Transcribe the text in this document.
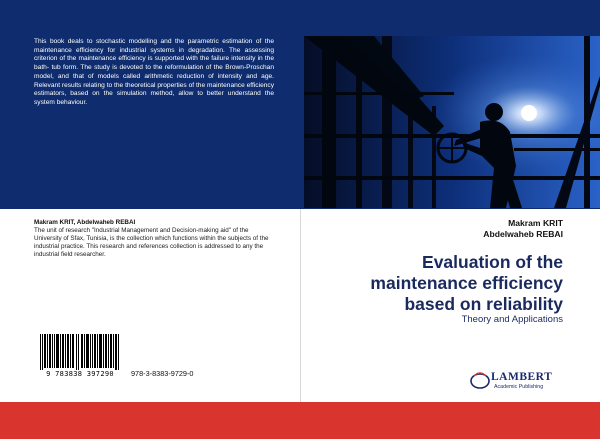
This book deals to stochastic modelling and the parametric estimation of the maintenance efficiency for industrial systems in degradation. The assessing criterion of the maintenance efficiency is supported with the failure intensity in the bath- tub form. The study is devoted to the reformulation of the Brown-Proschan model, and that of models called arithmetic reduction of intensity and age. Relevant results relating to the theoretical properties of the maintenance efficiency estimators, based on the simulation method, allow to better understand the system behaviour.
Makram KRIT, Abdelwaheb REBAI
The unit of research "Industrial Management and Decision-making aid" of the University of Sfax, Tunisia, is the collection which functions within the subjects of the industrial practice. This research and references collection is addressed to any the industrial field researcher.
Makram KRIT
Abdelwaheb REBAI
Evaluation of the
maintenance efficiency
based on reliability
Theory and Applications
9 783838 397290	978-3-8383-9729-0	LAMBERT
Academic Publishing
